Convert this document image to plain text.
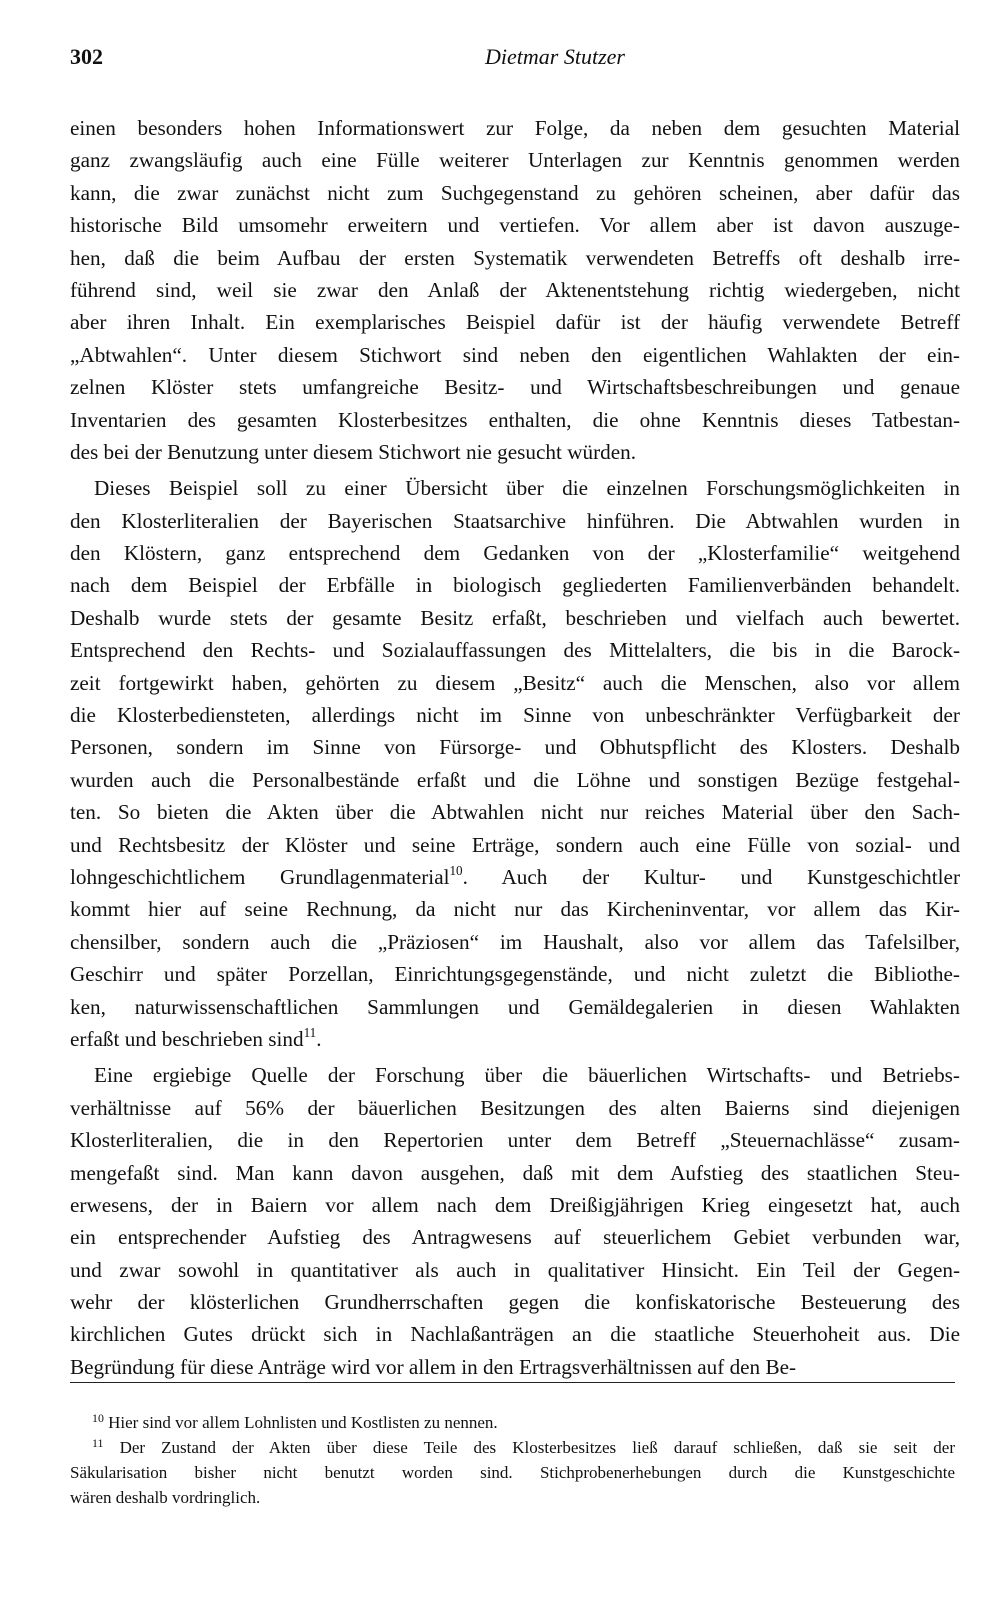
302	Dietmar Stutzer
einen besonders hohen Informationswert zur Folge, da neben dem gesuchten Material
ganz zwangsläufig auch eine Fülle weiterer Unterlagen zur Kenntnis genommen werden
kann, die zwar zunächst nicht zum Suchgegenstand zu gehören scheinen, aber dafür das
historische Bild umsomehr erweitern und vertiefen. Vor allem aber ist davon auszuge-
hen, daß die beim Aufbau der ersten Systematik verwendeten Betreffs oft deshalb irre-
führend sind, weil sie zwar den Anlaß der Aktenentstehung richtig wiedergeben, nicht
aber ihren Inhalt. Ein exemplarisches Beispiel dafür ist der häufig verwendete Betreff
„Abtwahlen“. Unter diesem Stichwort sind neben den eigentlichen Wahlakten der ein-
zelnen Klöster stets umfangreiche Besitz- und Wirtschaftsbeschreibungen und genaue
Inventarien des gesamten Klosterbesitzes enthalten, die ohne Kenntnis dieses Tatbestan-
des bei der Benutzung unter diesem Stichwort nie gesucht würden.
Dieses Beispiel soll zu einer Übersicht über die einzelnen Forschungsmöglichkeiten in
den Klosterliteralien der Bayerischen Staatsarchive hinführen. Die Abtwahlen wurden in
den Klöstern, ganz entsprechend dem Gedanken von der „Klosterfamilie“ weitgehend
nach dem Beispiel der Erbfälle in biologisch gegliederten Familienverbänden behandelt.
Deshalb wurde stets der gesamte Besitz erfaßt, beschrieben und vielfach auch bewertet.
Entsprechend den Rechts- und Sozialauffassungen des Mittelalters, die bis in die Barock-
zeit fortgewirkt haben, gehörten zu diesem „Besitz“ auch die Menschen, also vor allem
die Klosterbediensteten, allerdings nicht im Sinne von unbeschränkter Verfügbarkeit der
Personen, sondern im Sinne von Fürsorge- und Obhutspflicht des Klosters. Deshalb
wurden auch die Personalbestände erfaßt und die Löhne und sonstigen Bezüge festgehal-
ten. So bieten die Akten über die Abtwahlen nicht nur reiches Material über den Sach-
und Rechtsbesitz der Klöster und seine Erträge, sondern auch eine Fülle von sozial- und
lohngeschichtlichem Grundlagenmaterial$^{10}$. Auch der Kultur- und Kunstgeschichtler
kommt hier auf seine Rechnung, da nicht nur das Kircheninventar, vor allem das Kir-
chensilber, sondern auch die „Präziosen“ im Haushalt, also vor allem das Tafelsilber,
Geschirr und später Porzellan, Einrichtungsgegenstände, und nicht zuletzt die Bibliothe-
ken, naturwissenschaftlichen Sammlungen und Gemäldegalerien in diesen Wahlakten
erfaßt und beschrieben sind$^{11}$.
Eine ergiebige Quelle der Forschung über die bäuerlichen Wirtschafts- und Betriebs-
verhältnisse auf 56% der bäuerlichen Besitzungen des alten Baierns sind diejenigen
Klosterliteralien, die in den Repertorien unter dem Betreff „Steuernachlässe“ zusam-
mengefaßt sind. Man kann davon ausgehen, daß mit dem Aufstieg des staatlichen Steu-
erwesens, der in Baiern vor allem nach dem Dreißigjährigen Krieg eingesetzt hat, auch
ein entsprechender Aufstieg des Antragwesens auf steuerlichem Gebiet verbunden war,
und zwar sowohl in quantitativer als auch in qualitativer Hinsicht. Ein Teil der Gegen-
wehr der klösterlichen Grundherrschaften gegen die konfiskatorische Besteuerung des
kirchlichen Gutes drückt sich in Nachlaßanträgen an die staatliche Steuerhoheit aus. Die
Begründung für diese Anträge wird vor allem in den Ertragsverhältnissen auf den Be-
$^{10}$ Hier sind vor allem Lohnlisten und Kostlisten zu nennen.
$^{11}$ Der Zustand der Akten über diese Teile des Klosterbesitzes ließ darauf schließen, daß sie seit der
Säkularisation bisher nicht benutzt worden sind. Stichprobenerhebungen durch die Kunstgeschichte
wären deshalb vordringlich.
